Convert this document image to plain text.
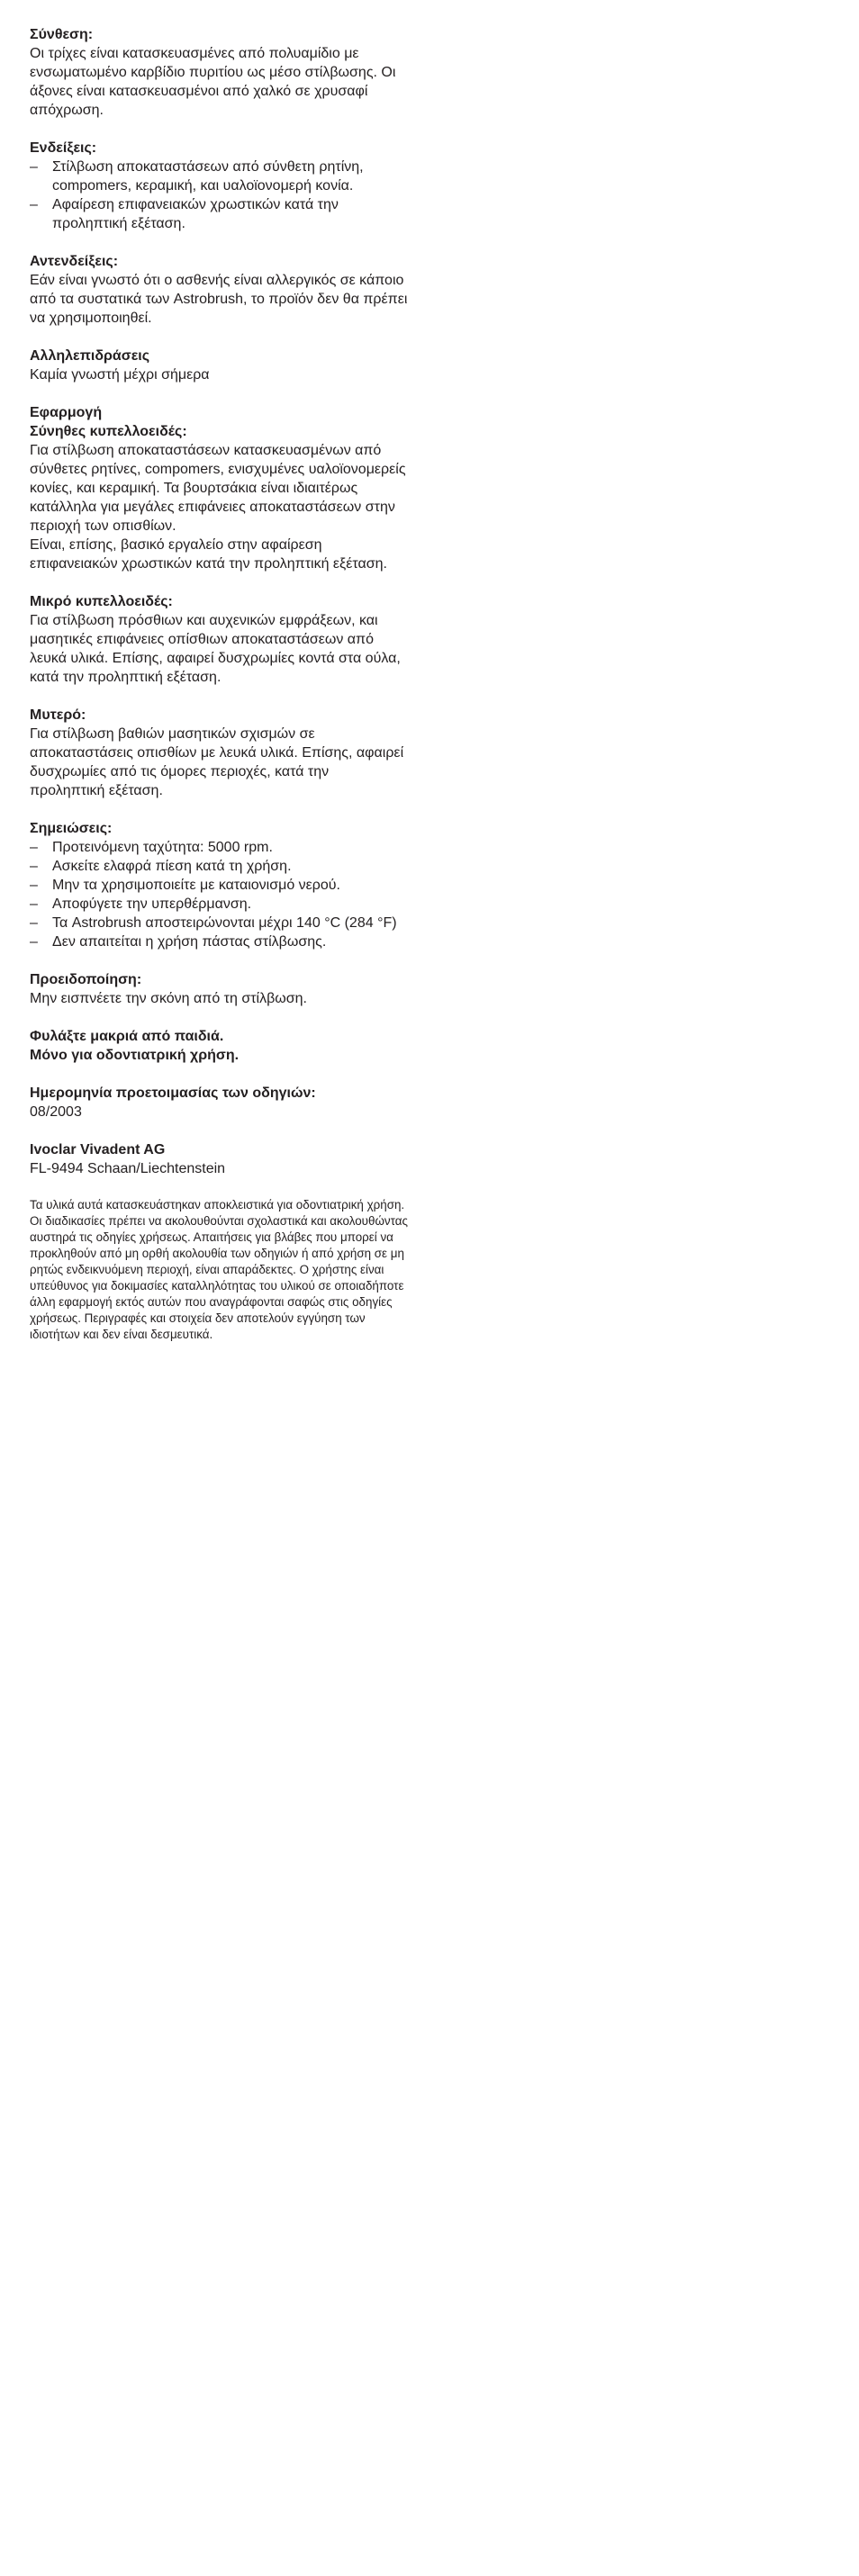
Σύνθεση:
Οι τρίχες είναι κατασκευασμένες από πολυαμίδιο με ενσωματωμένο καρβίδιο πυριτίου ως μέσο στίλβωσης. Οι άξονες είναι κατασκευασμένοι από χαλκό σε χρυσαφί απόχρωση.
Ενδείξεις:
– Στίλβωση αποκαταστάσεων από σύνθετη ρητίνη, compomers, κεραμική, και υαλοϊονομερή κονία.
– Αφαίρεση επιφανειακών χρωστικών κατά την προληπτική εξέταση.
Αντενδείξεις:
Εάν είναι γνωστό ότι ο ασθενής είναι αλλεργικός σε κάποιο από τα συστατικά των Astrobrush, το προϊόν δεν θα πρέπει να χρησιμοποιηθεί.
Αλληλεπιδράσεις
Καμία γνωστή μέχρι σήμερα
Εφαρμογή
Σύνηθες κυπελλοειδές:
Για στίλβωση αποκαταστάσεων κατασκευασμένων από σύνθετες ρητίνες, compomers, ενισχυμένες υαλοϊονομερείς κονίες, και κεραμική. Τα βουρτσάκια είναι ιδιαιτέρως κατάλληλα για μεγάλες επιφάνειες αποκαταστάσεων στην περιοχή των οπισθίων.
Είναι, επίσης, βασικό εργαλείο στην αφαίρεση επιφανειακών χρωστικών κατά την προληπτική εξέταση.
Μικρό κυπελλοειδές:
Για στίλβωση πρόσθιων και αυχενικών εμφράξεων, και μασητικές επιφάνειες οπίσθιων αποκαταστάσεων από λευκά υλικά. Επίσης, αφαιρεί δυσχρωμίες κοντά στα ούλα, κατά την προληπτική εξέταση.
Μυτερό:
Για στίλβωση βαθιών μασητικών σχισμών σε αποκαταστάσεις οπισθίων με λευκά υλικά. Επίσης, αφαιρεί δυσχρωμίες από τις όμορες περιοχές, κατά την προληπτική εξέταση.
Σημειώσεις:
– Προτεινόμενη ταχύτητα: 5000 rpm.
– Ασκείτε ελαφρά πίεση κατά τη χρήση.
– Μην τα χρησιμοποιείτε με καταιονισμό νερού.
– Αποφύγετε την υπερθέρμανση.
– Τα Astrobrush αποστειρώνονται μέχρι 140 °C (284 °F)
– Δεν απαιτείται η χρήση πάστας στίλβωσης.
Προειδοποίηση:
Μην εισπνέετε την σκόνη από τη στίλβωση.
Φυλάξτε μακριά από παιδιά.
Μόνο για οδοντιατρική χρήση.
Ημερομηνία προετοιμασίας των οδηγιών:
08/2003
Ivoclar Vivadent AG
FL-9494 Schaan/Liechtenstein
Τα υλικά αυτά κατασκευάστηκαν αποκλειστικά για οδοντιατρική χρήση. Οι διαδικασίες πρέπει να ακολουθούνται σχολαστικά και ακολουθώντας αυστηρά τις οδηγίες χρήσεως. Απαιτήσεις για βλάβες που μπορεί να προκληθούν από μη ορθή ακολουθία των οδηγιών ή από χρήση σε μη ρητώς ενδεικνυόμενη περιοχή, είναι απαράδεκτες. Ο χρήστης είναι υπεύθυνος για δοκιμασίες καταλληλότητας του υλικού σε οποιαδήποτε άλλη εφαρμογή εκτός αυτών που αναγράφονται σαφώς στις οδηγίες χρήσεως. Περιγραφές και στοιχεία δεν αποτελούν εγγύηση των ιδιοτήτων και δεν είναι δεσμευτικά.
